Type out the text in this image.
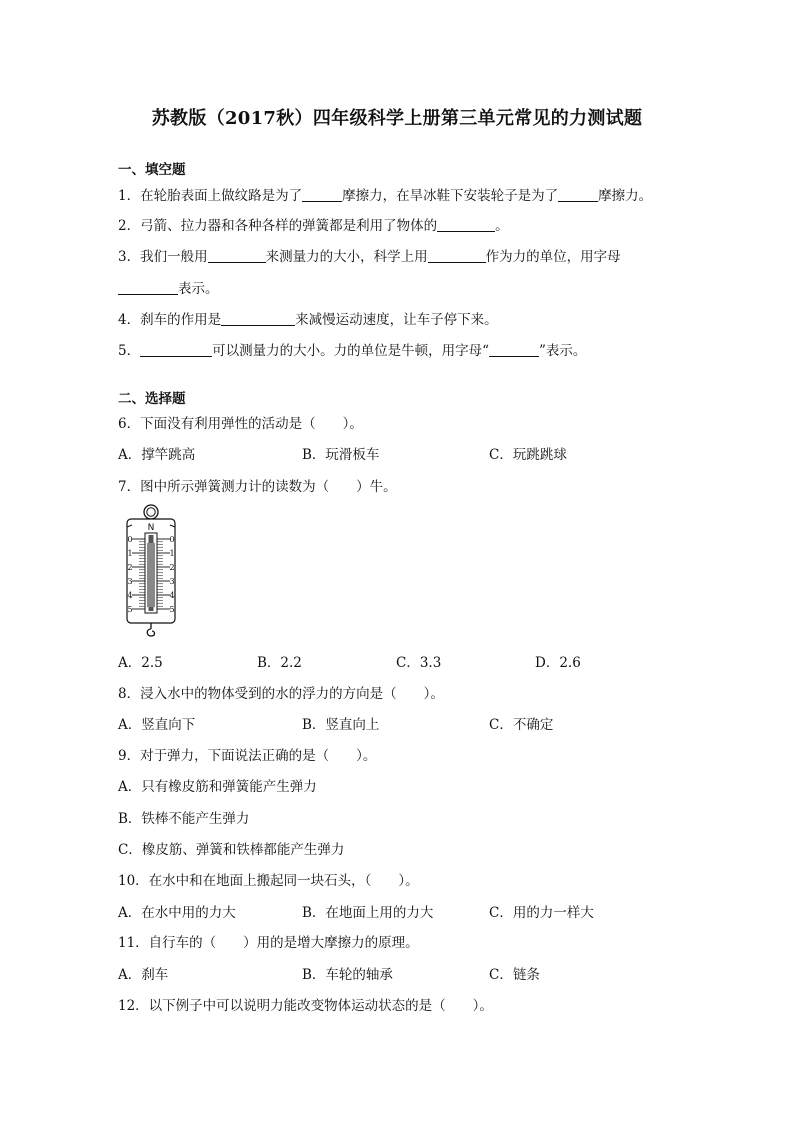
苏教版（2017秋）四年级科学上册第三单元常见的力测试题
一、填空题
1．在轮胎表面上做纹路是为了	摩擦力，在旱冰鞋下安装轮子是为了	摩擦力。
2．弓箭、拉力器和各种各样的弹簧都是利用了物体的	。
3．我们一般用	来测量力的大小，科学上用	作为力的单位，用字母
表示。
4．刹车的作用是	来减慢运动速度，让车子停下来。
5．	可以测量力的大小。力的单位是牛顿，用字母“	”表示。
二、选择题
6．下面没有利用弹性的活动是（　　）。
A．撑竿跳高	B．玩滑板车	C．玩跳跳球
7．图中所示弹簧测力计的读数为（　　）牛。
N
0	0
1	1
2	2
3	3
4	4
5	5
A．2.5	B．2.2	C．3.3	D．2.6
8．浸入水中的物体受到的水的浮力的方向是（　　）。
A．竖直向下	B．竖直向上	C．不确定
9．对于弹力，下面说法正确的是（　　）。
A．只有橡皮筋和弹簧能产生弹力
B．铁棒不能产生弹力
C．橡皮筋、弹簧和铁棒都能产生弹力
10．在水中和在地面上搬起同一块石头，（　　）。
A．在水中用的力大	B．在地面上用的力大	C．用的力一样大
11．自行车的（　　）用的是增大摩擦力的原理。
A．刹车	B．车轮的轴承	C．链条
12．以下例子中可以说明力能改变物体运动状态的是（　　）。
